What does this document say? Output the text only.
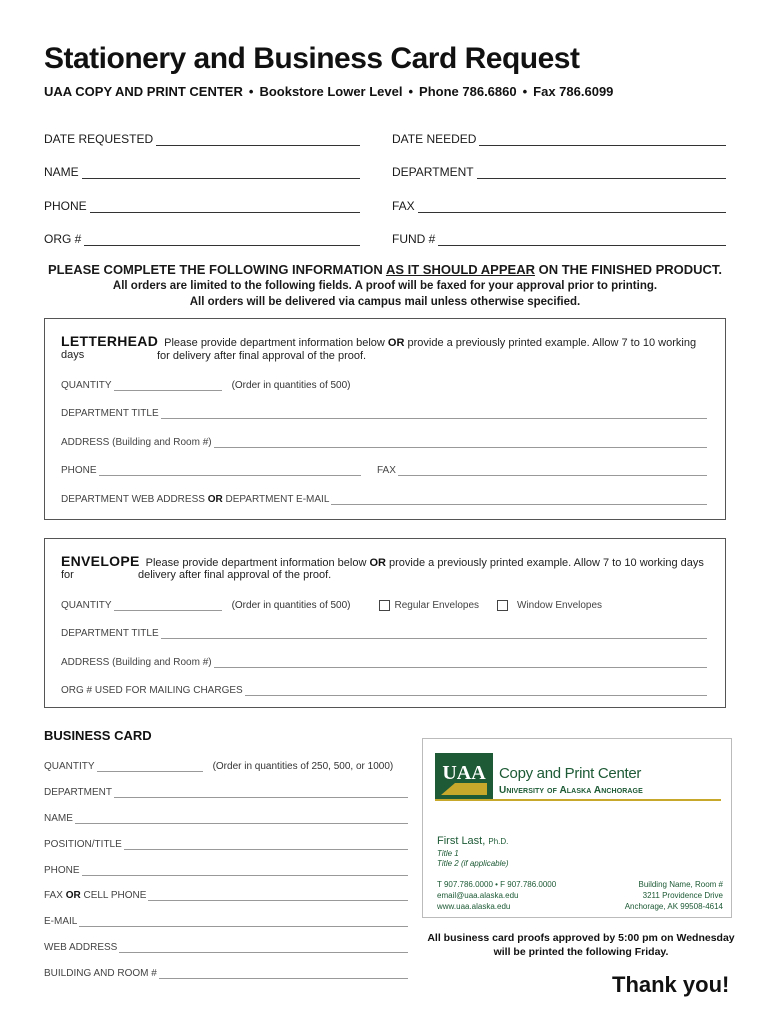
Stationery and Business Card Request
UAA COPY AND PRINT CENTER • Bookstore Lower Level • Phone 786.6860 • Fax 786.6099
DATE REQUESTED	DATE NEEDED
NAME	DEPARTMENT
PHONE	FAX
ORG #	FUND #
PLEASE COMPLETE THE FOLLOWING INFORMATION AS IT SHOULD APPEAR ON THE FINISHED PRODUCT.
All orders are limited to the following fields. A proof will be faxed for your approval prior to printing.
All orders will be delivered via campus mail unless otherwise specified.
LETTERHEAD Please provide department information below OR provide a previously printed example. Allow 7 to 10 working days	for delivery after final approval of the proof.
QUANTITY	(Order in quantities of 500)
DEPARTMENT TITLE
ADDRESS (Building and Room #)
PHONE	FAX
DEPARTMENT WEB ADDRESS OR DEPARTMENT E-MAIL
ENVELOPE Please provide department information below OR provide a previously printed example. Allow 7 to 10 working days for	delivery after final approval of the proof.
QUANTITY	(Order in quantities of 500)	Regular Envelopes	Window Envelopes
DEPARTMENT TITLE
ADDRESS (Building and Room #)
ORG # USED FOR MAILING CHARGES
BUSINESS CARD
QUANTITY	(Order in quantities of 250, 500, or 1000)
DEPARTMENT
NAME
POSITION/TITLE
PHONE
FAX OR CELL PHONE
E-MAIL
WEB ADDRESS
BUILDING AND ROOM #
UAA Copy and Print Center
University of Alaska Anchorage
First Last, Ph.D.
Title 1
Title 2 (if applicable)
T 907.786.0000 • F 907.786.0000
email@uaa.alaska.edu
www.uaa.alaska.edu
Building Name, Room #
3211 Providence Drive
Anchorage, AK 99508-4614
All business card proofs approved by 5:00 pm on Wednesday
will be printed the following Friday.
Thank you!
